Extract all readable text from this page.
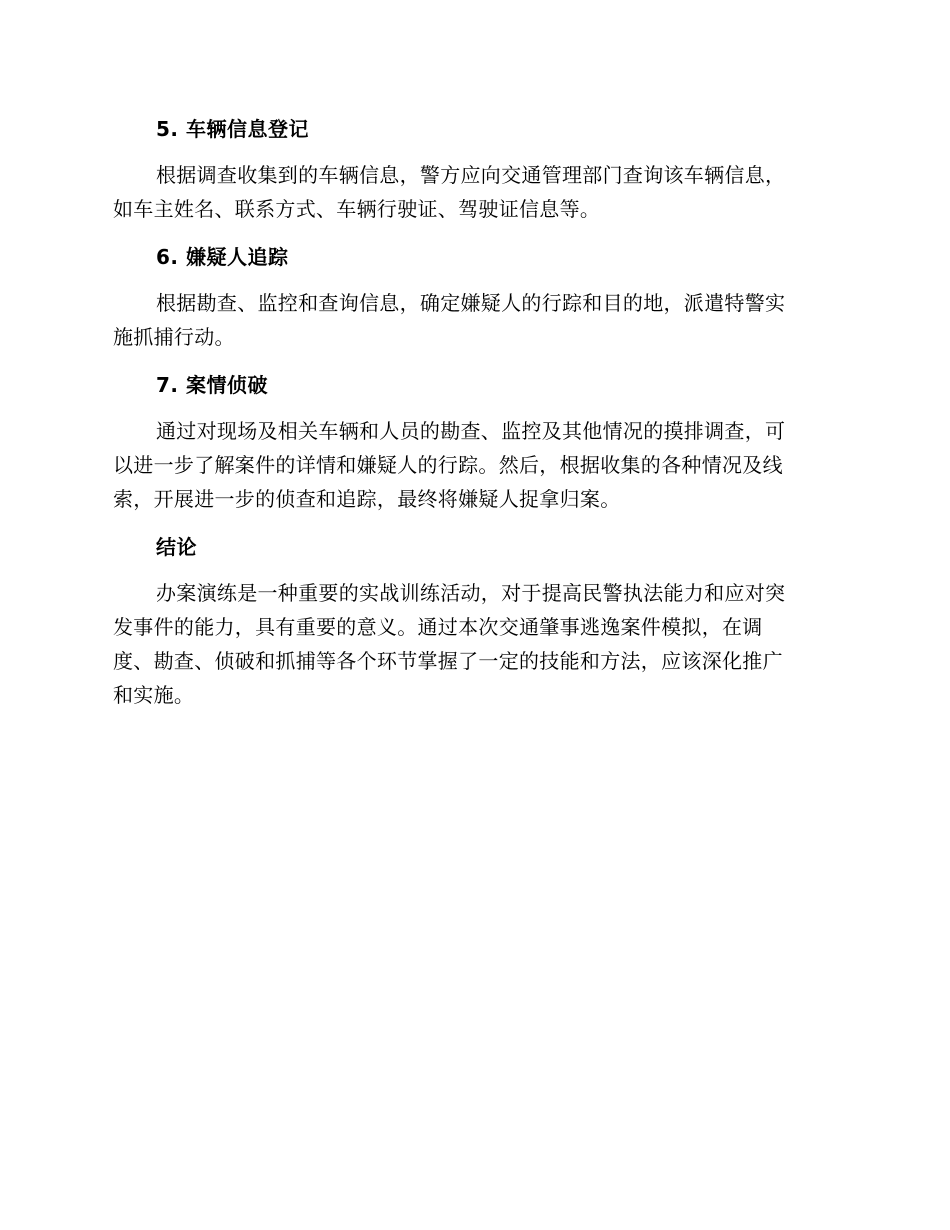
5. 车辆信息登记
根据调查收集到的车辆信息，警方应向交通管理部门查询该车辆信息，
如车主姓名、联系方式、车辆行驶证、驾驶证信息等。
6. 嫌疑人追踪
根据勘查、监控和查询信息，确定嫌疑人的行踪和目的地，派遣特警实
施抓捕行动。
7. 案情侦破
通过对现场及相关车辆和人员的勘查、监控及其他情况的摸排调查，可
以进一步了解案件的详情和嫌疑人的行踪。然后，根据收集的各种情况及线
索，开展进一步的侦查和追踪，最终将嫌疑人捉拿归案。
结论
办案演练是一种重要的实战训练活动，对于提高民警执法能力和应对突
发事件的能力，具有重要的意义。通过本次交通肇事逃逸案件模拟，在调
度、勘查、侦破和抓捕等各个环节掌握了一定的技能和方法，应该深化推广
和实施。
